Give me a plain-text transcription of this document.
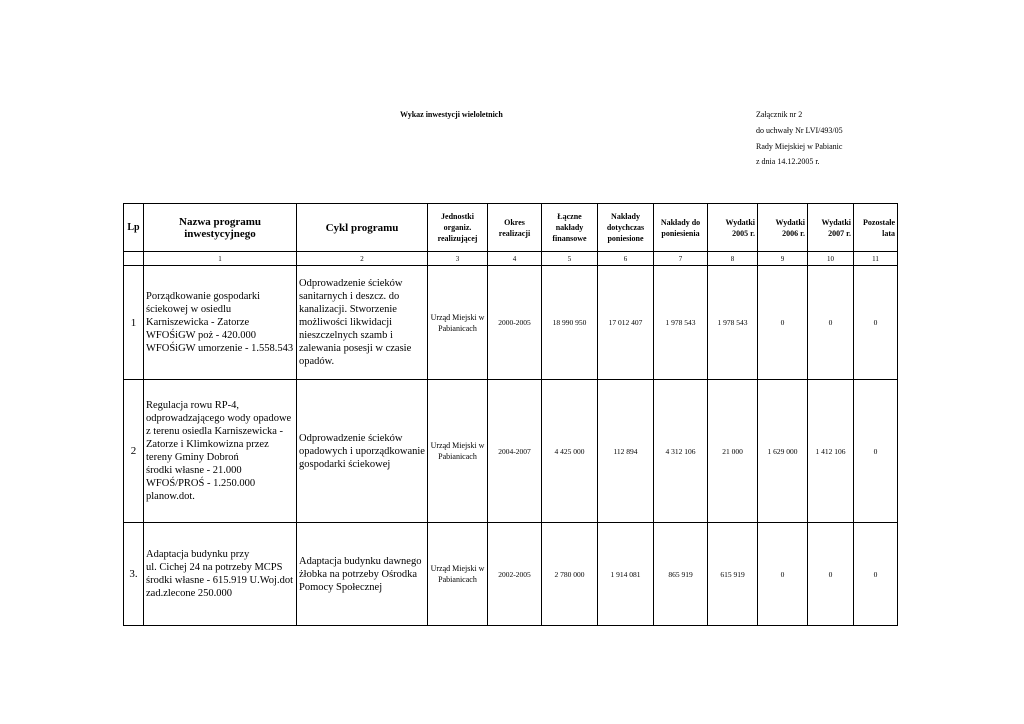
Wykaz inwestycji wieloletnich	Załącznik nr 2
do uchwały Nr LVI/493/05
Rady Miejskiej w Pabianic
z dnia 14.12.2005 r.
Lp	Nazwa programu inwestycyjnego	Cykl programu	Jednostki organiz. realizującej	Okres realizacji	Łączne nakłady finansowe	Nakłady dotychczas poniesione	Nakłady do poniesienia	Wydatki 2005 r.	Wydatki 2006 r.	Wydatki 2007 r.	Pozostałe lata
	1	2	3	4	5	6	7	8	9	10	11
1	Porządkowanie gospodarki ściekowej w osiedlu Karniszewicka - Zatorze WFOŚiGW poż - 420.000 WFOŚiGW umorzenie - 1.558.543	Odprowadzenie ścieków sanitarnych i deszcz. do kanalizacji. Stworzenie możliwości likwidacji nieszczelnych szamb i zalewania posesji w czasie opadów.	Urząd Miejski w Pabianicach	2000-2005	18 990 950	17 012 407	1 978 543	1 978 543	0	0	0
2	Regulacja rowu RP-4, odprowadzającego wody opadowe z terenu osiedla Karniszewicka - Zatorze i Klimkowizna przez tereny Gminy Dobroń
środki własne - 21.000 WFOŚ/PROŚ - 1.250.000 planow.dot.	Odprowadzenie ścieków opadowych i uporządkowanie gospodarki ściekowej	Urząd Miejski w Pabianicach	2004-2007	4 425 000	112 894	4 312 106	21 000	1 629 000	1 412 106	0
3.	Adaptacja budynku przy
ul. Cichej 24 na potrzeby MCPS
środki własne - 615.919 U.Woj.dot zad.zlecone 250.000	Adaptacja budynku dawnego żłobka na potrzeby Ośrodka Pomocy Społecznej	Urząd Miejski w Pabianicach	2002-2005	2 780 000	1 914 081	865 919	615 919	0	0	0
